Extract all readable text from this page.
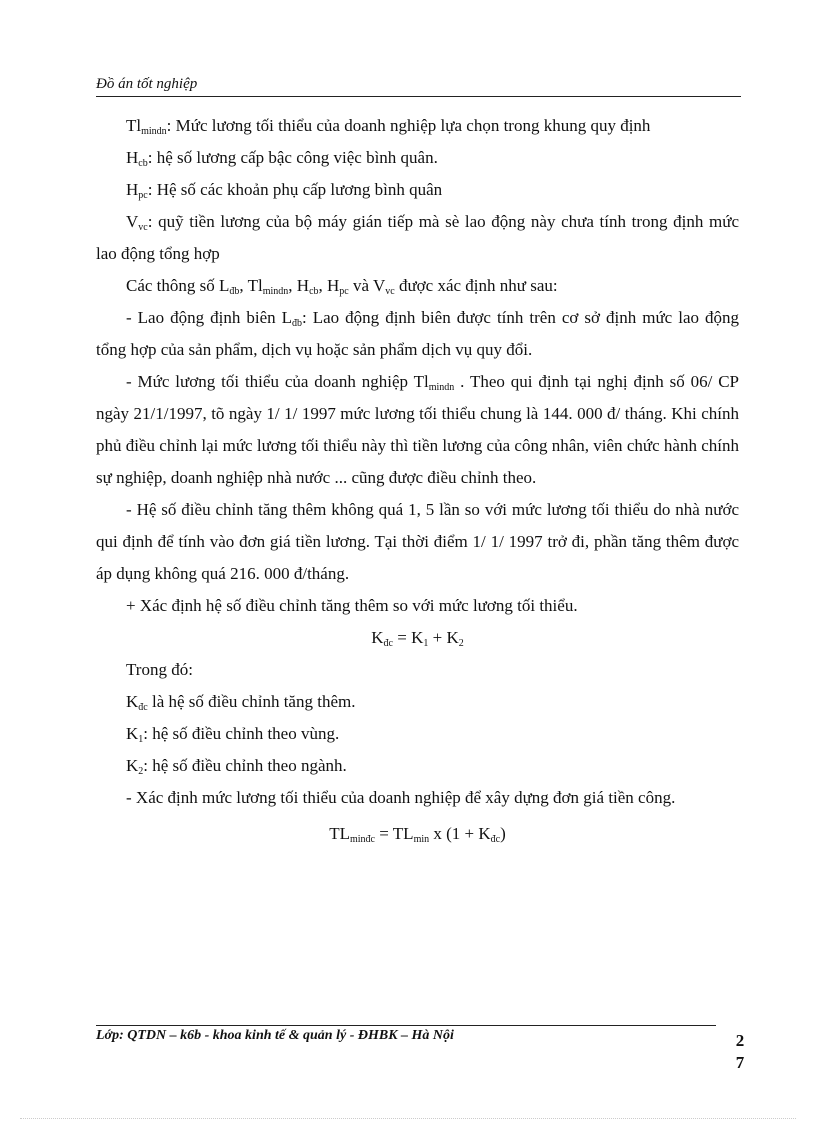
Đồ án tốt nghiệp

$Tl_{mindn}$: Mức lương tối thiểu của doanh nghiệp lựa chọn trong khung quy định

$H_{cb}$: hệ số lương cấp bậc công việc bình quân.

$H_{pc}$: Hệ số các khoản phụ cấp lương bình quân

$V_{vc}$: quỹ tiền lương của bộ máy gián tiếp mà sè lao động này chưa tính trong định mức lao động tổng hợp

Các thông số $L_{đb}$, $Tl_{mindn}$, $H_{cb}$, $H_{pc}$ và $V_{vc}$ được xác định như sau:

- Lao động định biên $L_{đb}$: Lao động định biên được tính trên cơ sở định mức lao động tổng hợp của sản phẩm, dịch vụ hoặc sản phẩm dịch vụ quy đổi.

- Mức lương tối thiểu của doanh nghiệp $Tl_{mindn}$ . Theo qui định tại nghị định số 06/ CP ngày 21/1/1997, tõ ngày 1/ 1/ 1997 mức lương tối thiểu chung là 144. 000 đ/ tháng. Khi chính phủ điều chỉnh lại mức lương tối thiểu này thì tiền lương của công nhân, viên chức hành chính sự nghiệp, doanh nghiệp nhà nước ... cũng được điều chỉnh theo.

- Hệ số điều chỉnh tăng thêm không quá 1, 5 lần so với mức lương tối thiểu do nhà nước qui định để tính vào đơn giá tiền lương. Tại thời điểm 1/ 1/ 1997 trở đi, phần tăng thêm được áp dụng không quá 216. 000 đ/tháng.

+ Xác định hệ số điều chỉnh tăng thêm so với mức lương tối thiểu.

$K_{đc} = K_1 + K_2$

Trong đó:

$K_{đc}$ là hệ số điều chỉnh tăng thêm.

$K_1$: hệ số điều chỉnh theo vùng.

$K_2$: hệ số điều chỉnh theo ngành.

- Xác định mức lương tối thiểu của doanh nghiệp để xây dựng đơn giá tiền công.

$TL_{minđc} = TL_{min}$ x $(1 + K_{đc})$

Lớp: QTDN – k6b - khoa kinh tế & quản lý - ĐHBK – Hà Nội	2
7
